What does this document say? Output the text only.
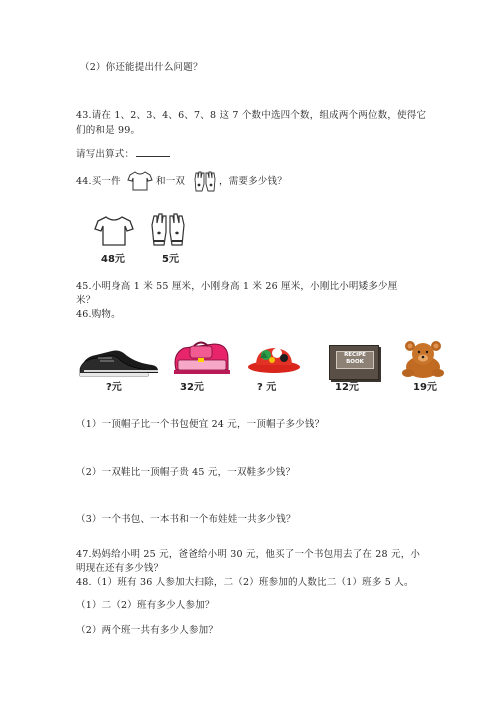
（2）你还能提出什么问题？
43.请在 1、2、3、4、6、7、8 这 7 个数中选四个数，组成两个两位数，使得它
们的和是 99。
请写出算式：
44.买一件	和一双	，需要多少钱？
48元	5元
45.小明身高 1 米 55 厘米，小刚身高 1 米 26 厘米，小刚比小明矮多少厘
米？
46.购物。
?元	32元	? 元
RECIPE
BOOK
12元	19元
（1）一顶帽子比一个书包便宜 24 元，一顶帽子多少钱？
（2）一双鞋比一顶帽子贵 45 元，一双鞋多少钱？
（3）一个书包、一本书和一个布娃娃一共多少钱？
47.妈妈给小明 25 元，爸爸给小明 30 元，他买了一个书包用去了在 28 元，小
明现在还有多少钱？
48.（1）班有 36 人参加大扫除，二（2）班参加的人数比二（1）班多 5 人。
（1）二（2）班有多少人参加？
（2）两个班一共有多少人参加？
